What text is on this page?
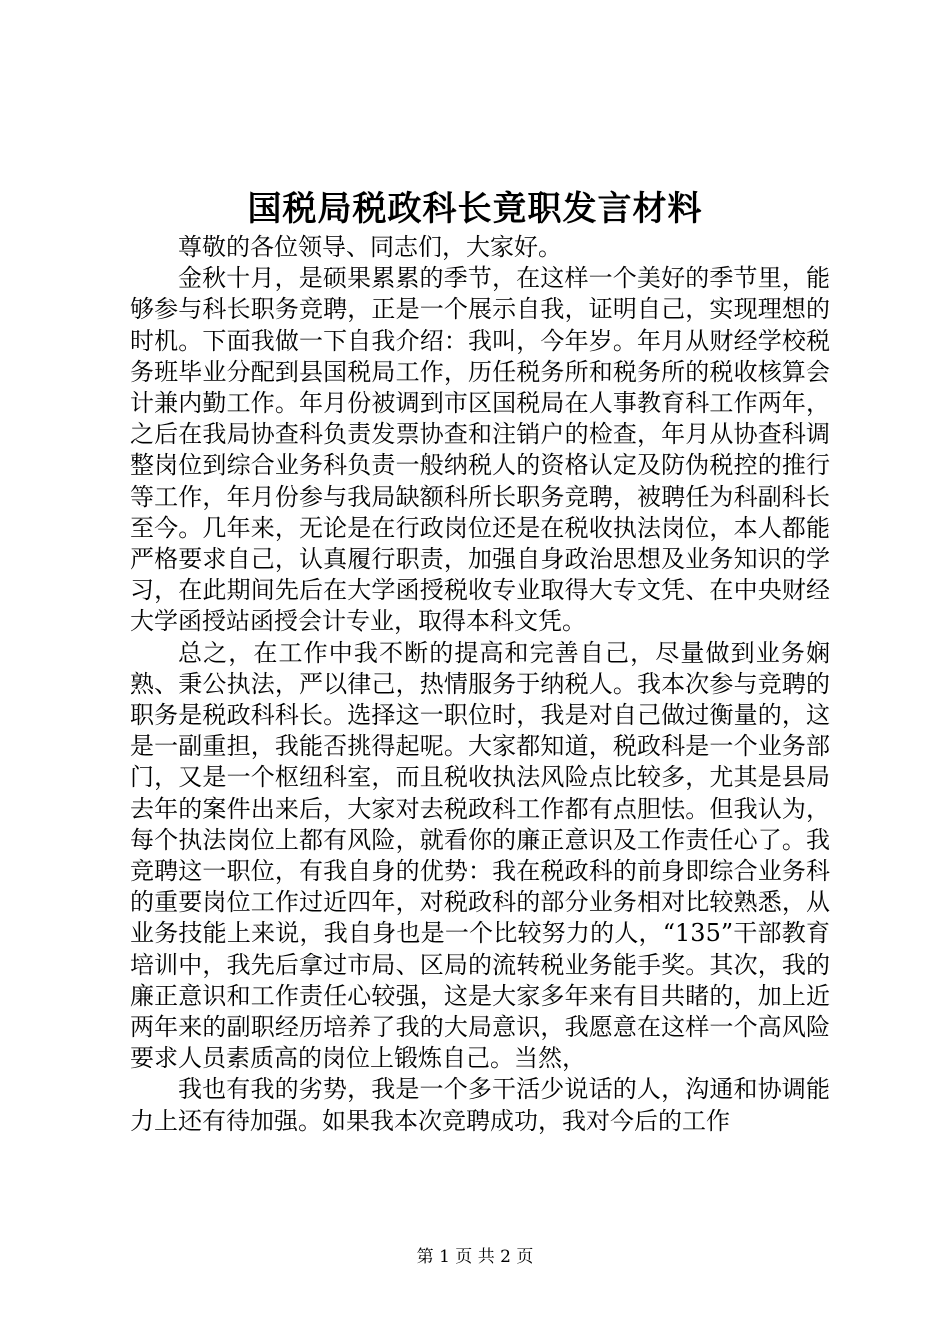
国税局税政科长竟职发言材料

尊敬的各位领导、同志们，大家好。

金秋十月，是硕果累累的季节，在这样一个美好的季节里，能够参与科长职务竞聘，正是一个展示自我，证明自己，实现理想的时机。下面我做一下自我介绍：我叫，今年岁。年月从财经学校税务班毕业分配到县国税局工作，历任税务所和税务所的税收核算会计兼内勤工作。年月份被调到市区国税局在人事教育科工作两年，之后在我局协查科负责发票协查和注销户的检查，年月从协查科调整岗位到综合业务科负责一般纳税人的资格认定及防伪税控的推行等工作，年月份参与我局缺额科所长职务竞聘，被聘任为科副科长至今。几年来，无论是在行政岗位还是在税收执法岗位，本人都能严格要求自己，认真履行职责，加强自身政治思想及业务知识的学习，在此期间先后在大学函授税收专业取得大专文凭、在中央财经大学函授站函授会计专业，取得本科文凭。

总之，在工作中我不断的提高和完善自己，尽量做到业务娴熟、秉公执法，严以律己，热情服务于纳税人。我本次参与竞聘的职务是税政科科长。选择这一职位时，我是对自己做过衡量的，这是一副重担，我能否挑得起呢。大家都知道，税政科是一个业务部门，又是一个枢纽科室，而且税收执法风险点比较多，尤其是县局去年的案件出来后，大家对去税政科工作都有点胆怯。但我认为，每个执法岗位上都有风险，就看你的廉正意识及工作责任心了。我竞聘这一职位，有我自身的优势：我在税政科的前身即综合业务科的重要岗位工作过近四年，对税政科的部分业务相对比较熟悉，从业务技能上来说，我自身也是一个比较努力的人，“135”干部教育培训中，我先后拿过市局、区局的流转税业务能手奖。其次，我的廉正意识和工作责任心较强，这是大家多年来有目共睹的，加上近两年来的副职经历培养了我的大局意识，我愿意在这样一个高风险要求人员素质高的岗位上锻炼自己。当然，

我也有我的劣势，我是一个多干活少说话的人，沟通和协调能力上还有待加强。如果我本次竞聘成功，我对今后的工作

第 1 页 共 2 页
